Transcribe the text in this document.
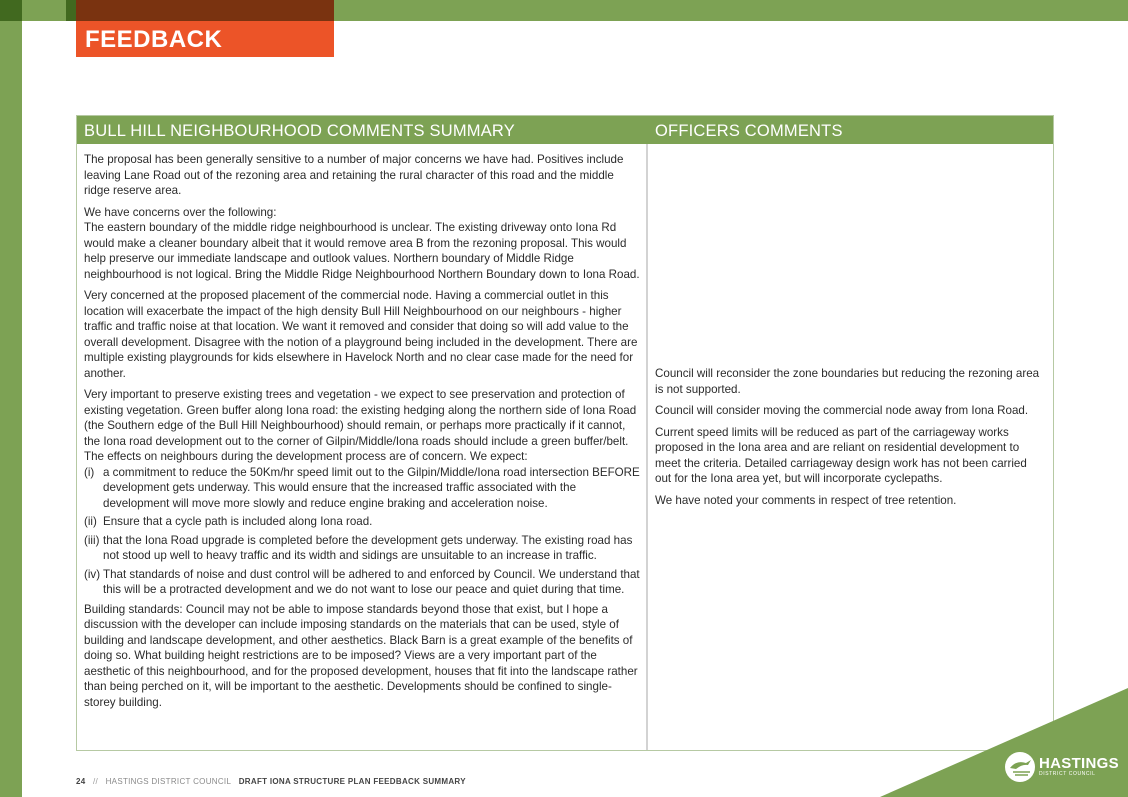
FEEDBACK SUMMARY
BULL HILL NEIGHBOURHOOD COMMENTS SUMMARY	OFFICERS COMMENTS

The proposal has been generally sensitive to a number of major concerns we have had. Positives include leaving Lane Road out of the rezoning area and retaining the rural character of this road and the middle ridge reserve area.

We have concerns over the following:

The eastern boundary of the middle ridge neighbourhood is unclear. The existing driveway onto Iona Rd would make a cleaner boundary albeit that it would remove area B from the rezoning proposal. This would help preserve our immediate landscape and outlook values. Northern boundary of Middle Ridge neighbourhood is not logical. Bring the Middle Ridge Neighbourhood Northern Boundary down to Iona Road.

Very concerned at the proposed placement of the commercial node. Having a commercial outlet in this location will exacerbate the impact of the high density Bull Hill Neighbourhood on our neighbours - higher traffic and traffic noise at that location. We want it removed and consider that doing so will add value to the overall development. Disagree with the notion of a playground being included in the development. There are multiple existing playgrounds for kids elsewhere in Havelock North and no clear case made for the need for another.

Very important to preserve existing trees and vegetation - we expect to see preservation and protection of existing vegetation. Green buffer along Iona road: the existing hedging along the northern side of Iona Road (the Southern edge of the Bull Hill Neighbourhood) should remain, or perhaps more practically if it cannot, the Iona road development out to the corner of Gilpin/Middle/Iona roads should include a green buffer/belt.

The effects on neighbours during the development process are of concern. We expect:

(i) a commitment to reduce the 50Km/hr speed limit out to the Gilpin/Middle/Iona road intersection BEFORE development gets underway. This would ensure that the increased traffic associated with the development will move more slowly and reduce engine braking and acceleration noise.
(ii) Ensure that a cycle path is included along Iona road.
(iii) that the Iona Road upgrade is completed before the development gets underway. The existing road has not stood up well to heavy traffic and its width and sidings are unsuitable to an increase in traffic.
(iv) That standards of noise and dust control will be adhered to and enforced by Council. We understand that this will be a protracted development and we do not want to lose our peace and quiet during that time.

Building standards: Council may not be able to impose standards beyond those that exist, but I hope a discussion with the developer can include imposing standards on the materials that can be used, style of building and landscape development, and other aesthetics. Black Barn is a great example of the benefits of doing so. What building height restrictions are to be imposed? Views are a very important part of the aesthetic of this neighbourhood, and for the proposed development, houses that fit into the landscape rather than being perched on it, will be important to the aesthetic. Developments should be confined to single-storey building.

Council will reconsider the zone boundaries but reducing the rezoning area is not supported.

Council will consider moving the commercial node away from Iona Road.

Current speed limits will be reduced as part of the carriageway works proposed in the Iona area and are reliant on residential development to meet the criteria. Detailed carriageway design work has not been carried out for the Iona area yet, but will incorporate cyclepaths.

We have noted your comments in respect of tree retention.

24 // HASTINGS DISTRICT COUNCIL DRAFT IONA STRUCTURE PLAN FEEDBACK SUMMARY
HASTINGS
DISTRICT COUNCIL
